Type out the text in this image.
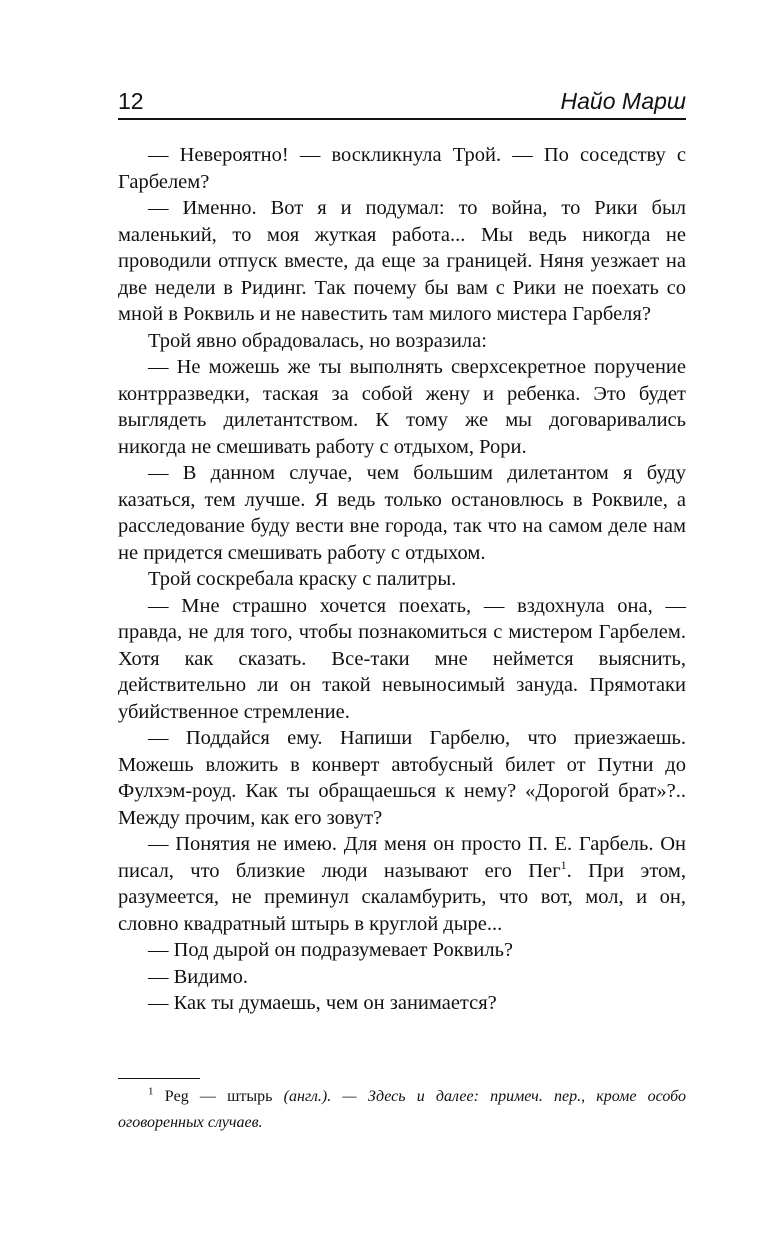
12	Найо Марш

— Невероятно! — воскликнула Трой. — По соседству с Гарбелем?

— Именно. Вот я и подумал: то война, то Рики был маленький, то моя жуткая работа... Мы ведь никогда не проводили отпуск вместе, да еще за границей. Няня уезжает на две недели в Ридинг. Так почему бы вам с Рики не поехать со мной в Роквиль и не навестить там милого мистера Гарбеля?

Трой явно обрадовалась, но возразила:

— Не можешь же ты выполнять сверхсекретное поручение контрразведки, таская за собой жену и ребенка. Это будет выглядеть дилетантством. К тому же мы договаривались никогда не смешивать работу с отдыхом, Рори.

— В данном случае, чем большим дилетантом я буду казаться, тем лучше. Я ведь только остановлюсь в Роквиле, а расследование буду вести вне города, так что на самом деле нам не придется смешивать работу с отдыхом.

Трой соскребала краску с палитры.

— Мне страшно хочется поехать, — вздохнула она, — правда, не для того, чтобы познакомиться с мистером Гарбелем. Хотя как сказать. Все-таки мне неймется выяснить, действительно ли он такой невыносимый зануда. Прямотаки убийственное стремление.

— Поддайся ему. Напиши Гарбелю, что приезжаешь. Можешь вложить в конверт автобусный билет от Путни до Фулхэм-роуд. Как ты обращаешься к нему? «Дорогой брат»?.. Между прочим, как его зовут?

— Понятия не имею. Для меня он просто П. Е. Гарбель. Он писал, что близкие люди называют его Пег$^1$. При этом, разумеется, не преминул скаламбурить, что вот, мол, и он, словно квадратный штырь в круглой дыре...

— Под дырой он подразумевает Роквиль?

— Видимо.

— Как ты думаешь, чем он занимается?

$^1$ Peg — штырь (англ.). — Здесь и далее: примеч. пер., кроме особо оговоренных случаев.
